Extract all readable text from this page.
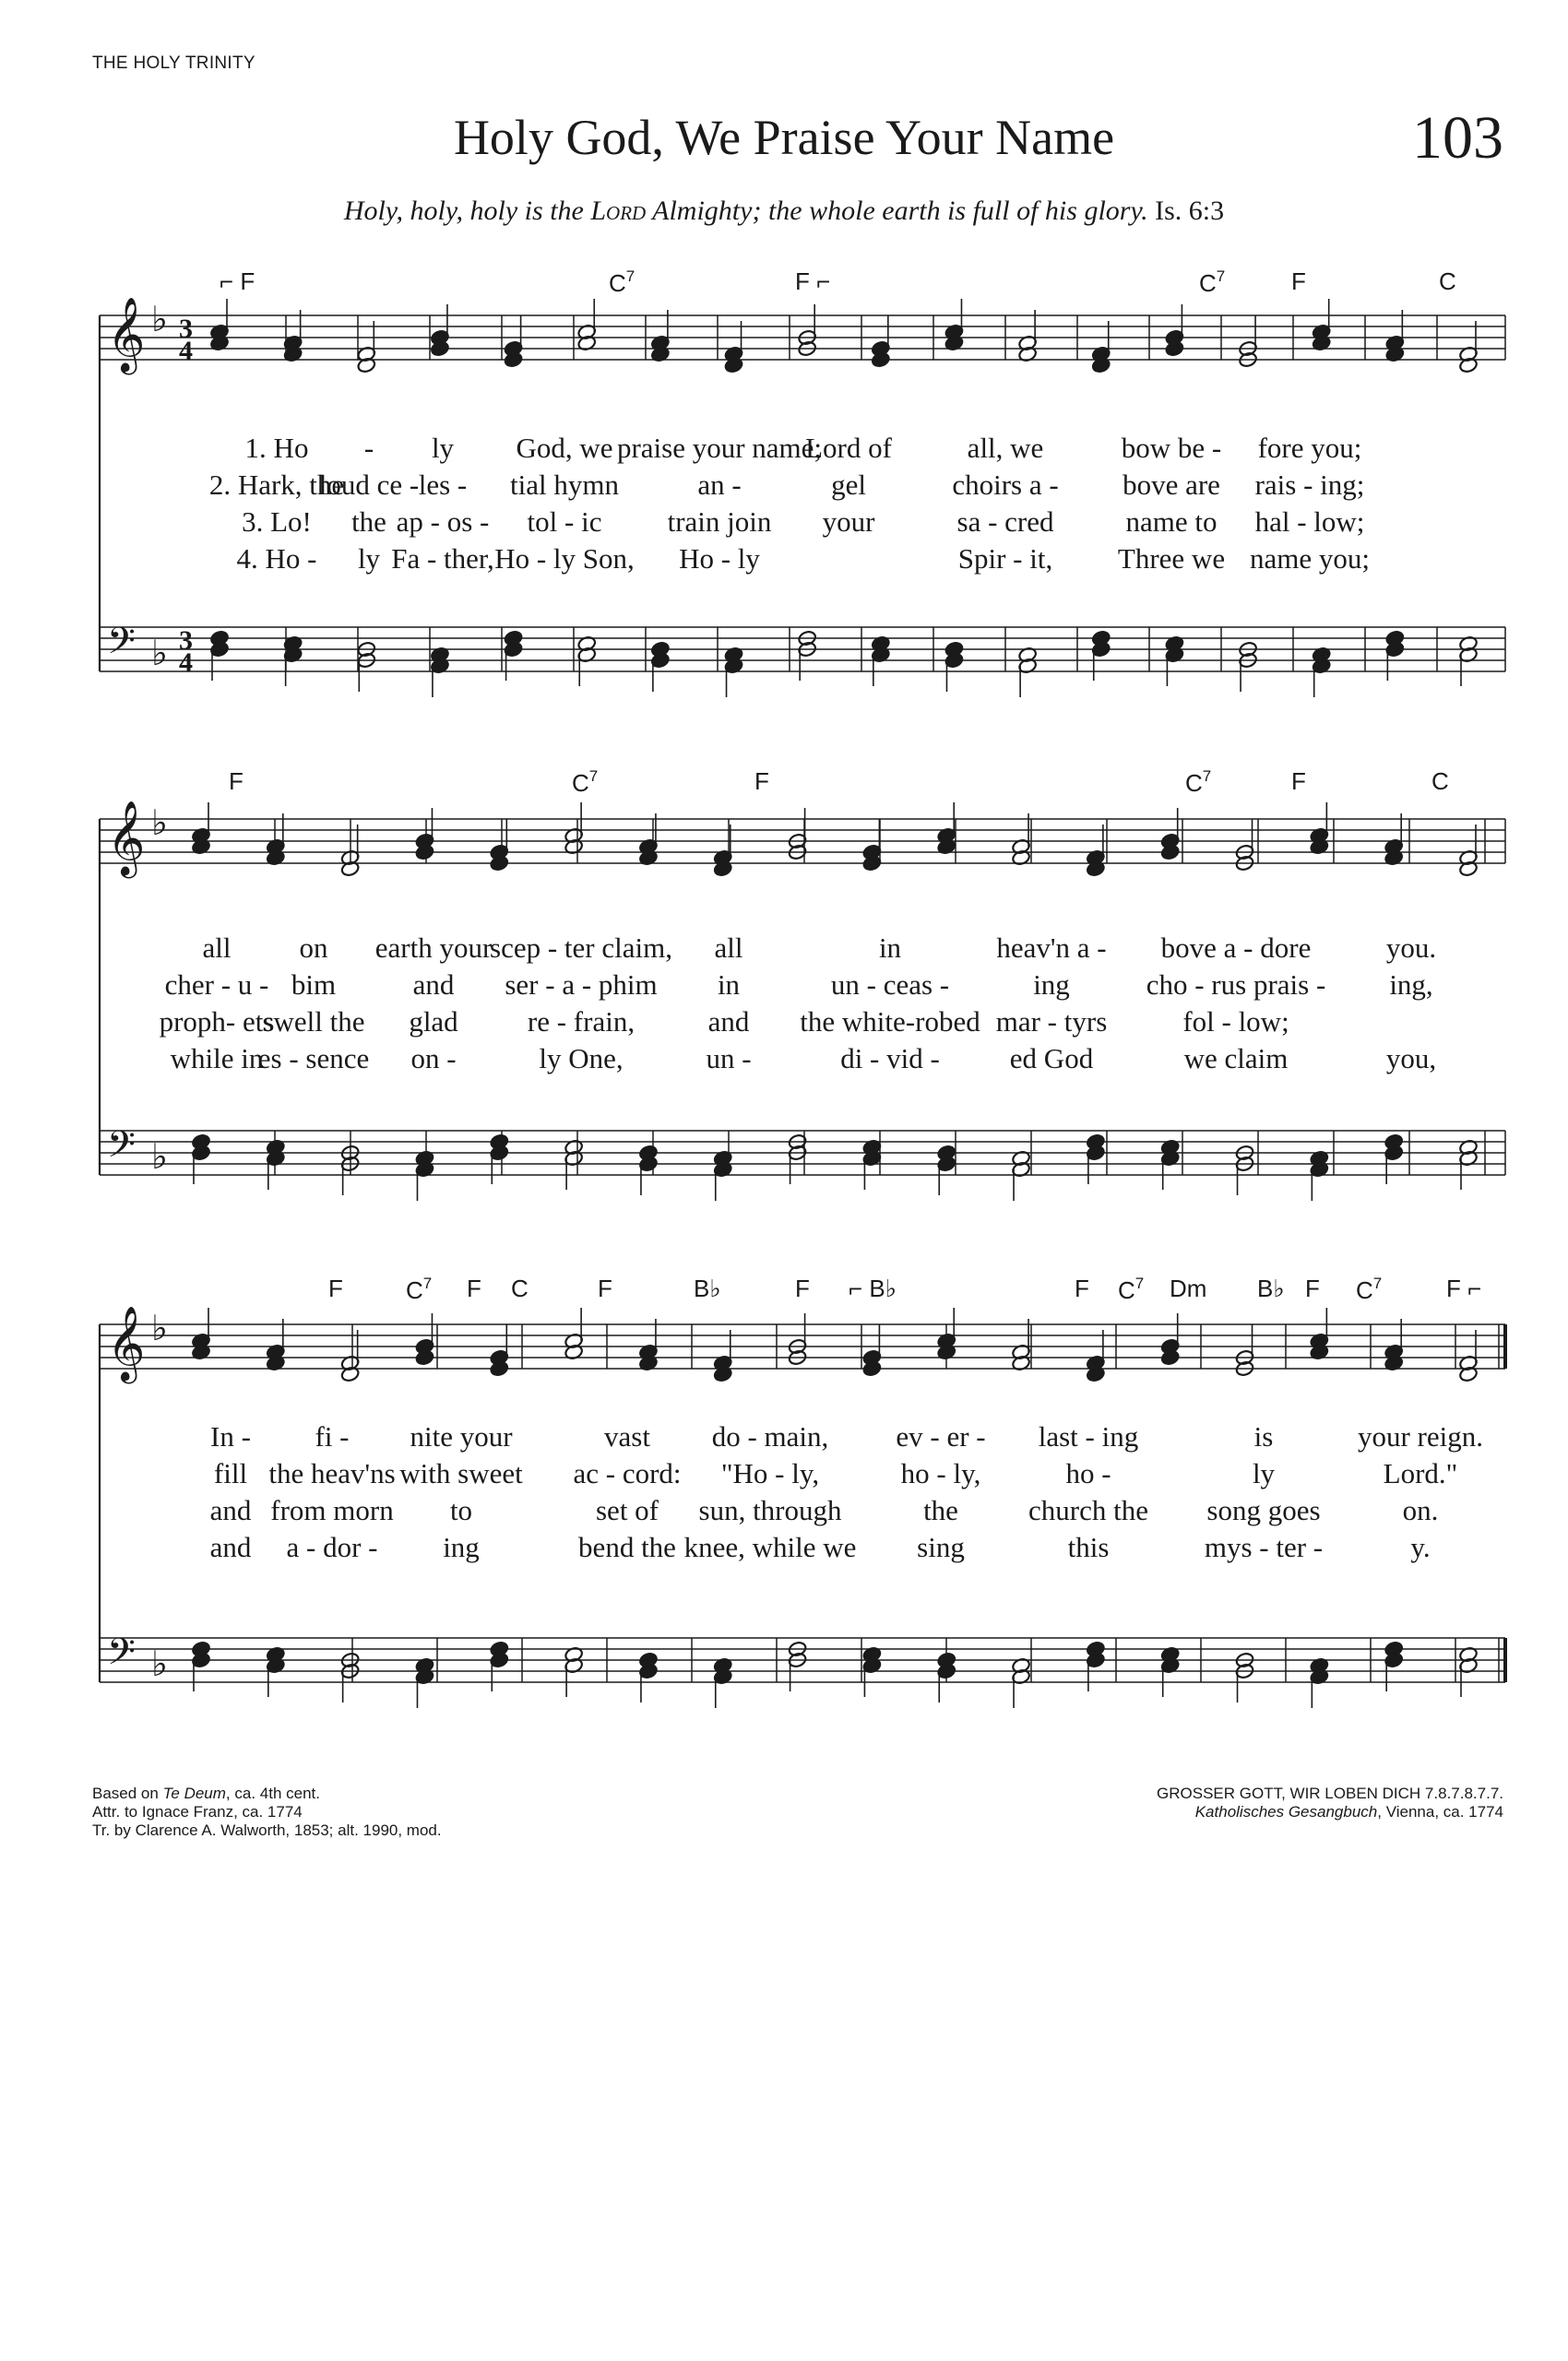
THE HOLY TRINITY
Holy God, We Praise Your Name	103
Holy, holy, holy is the Lord Almighty; the whole earth is full of his glory. Is. 6:3
𝄞
𝄢
♭
♭
3
4
3
4
𝄞
𝄢
♭
♭
𝄞
𝄢
♭
♭
⌐ F	$C^7$	F ⌐	$C^7$	F	C
1. Ho - ly God, we praise your name;
Lord of	all, we	bow be - fore you;
2. Hark, the
loud ce - les - tial hymn	an -	gel	choirs a - bove are rais - ing;
3. Lo! the ap - os - tol - ic train join your	sa - cred	name to hal - low;
4. Ho - ly Fa - ther, Ho - ly Son, Ho - ly	Spir - it, Three we name you;
F	$C^7$	F	$C^7$	F	C
all on earth your
scep - ter claim, all	in	heav'n a - bove a - dore	you.
cher - u - bim	and ser - a - phim in	un - ceas -	ing	cho - rus prais - ing,
proph- ets
swell the glad re - frain,	and the white-robed mar - tyrs	fol - low;
while in
es - sence on -	ly One,	un -	di - vid - ed God	we claim	you,
F	$C^7$ F C	F	B♭	F ⌐ B♭	F $C^7$ Dm B♭ F $C^7$	F ⌐
In - fi - nite your	vast do - main, ev - er - last - ing	is	your reign.
fill the heav'ns with sweet ac - cord: "Ho - ly,	ho - ly,	ho -	ly	Lord."
and from morn to	set of sun, through	the church the song goes	on.
and a - dor - ing	bend the knee, while we sing	this	mys - ter -	y.
Based on Te Deum, ca. 4th cent.
Attr. to Ignace Franz, ca. 1774
Tr. by Clarence A. Walworth, 1853; alt. 1990, mod.
GROSSER GOTT, WIR LOBEN DICH 7.8.7.8.7.7.
Katholisches Gesangbuch, Vienna, ca. 1774
